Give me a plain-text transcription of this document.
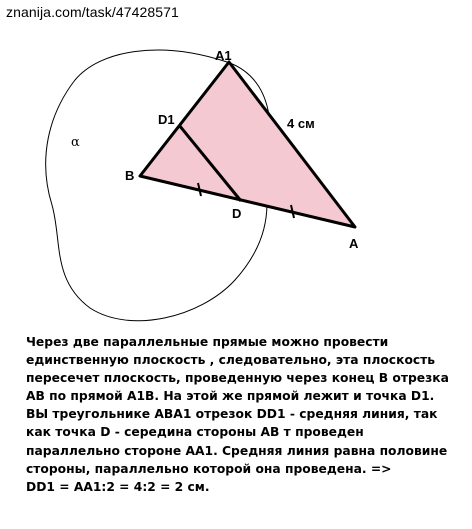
znanija.com/task/47428571
A1
D1
B
D
A
4 см
α
Через две параллельные прямые можно провести
единственную плоскость , следовательно, эта плоскость
пересечет плоскость, проведенную через конец В отрезка
АВ по прямой А1В. На этой же прямой лежит и точка D1.
ВЫ треугольнике АВА1 отрезок DD1 - средняя линия, так
как точка D - середина стороны АВ т проведен
параллельно стороне АА1. Средняя линия равна половине
стороны, параллельно которой она проведена. =>
DD1 = АА1:2 = 4:2 = 2 см.
